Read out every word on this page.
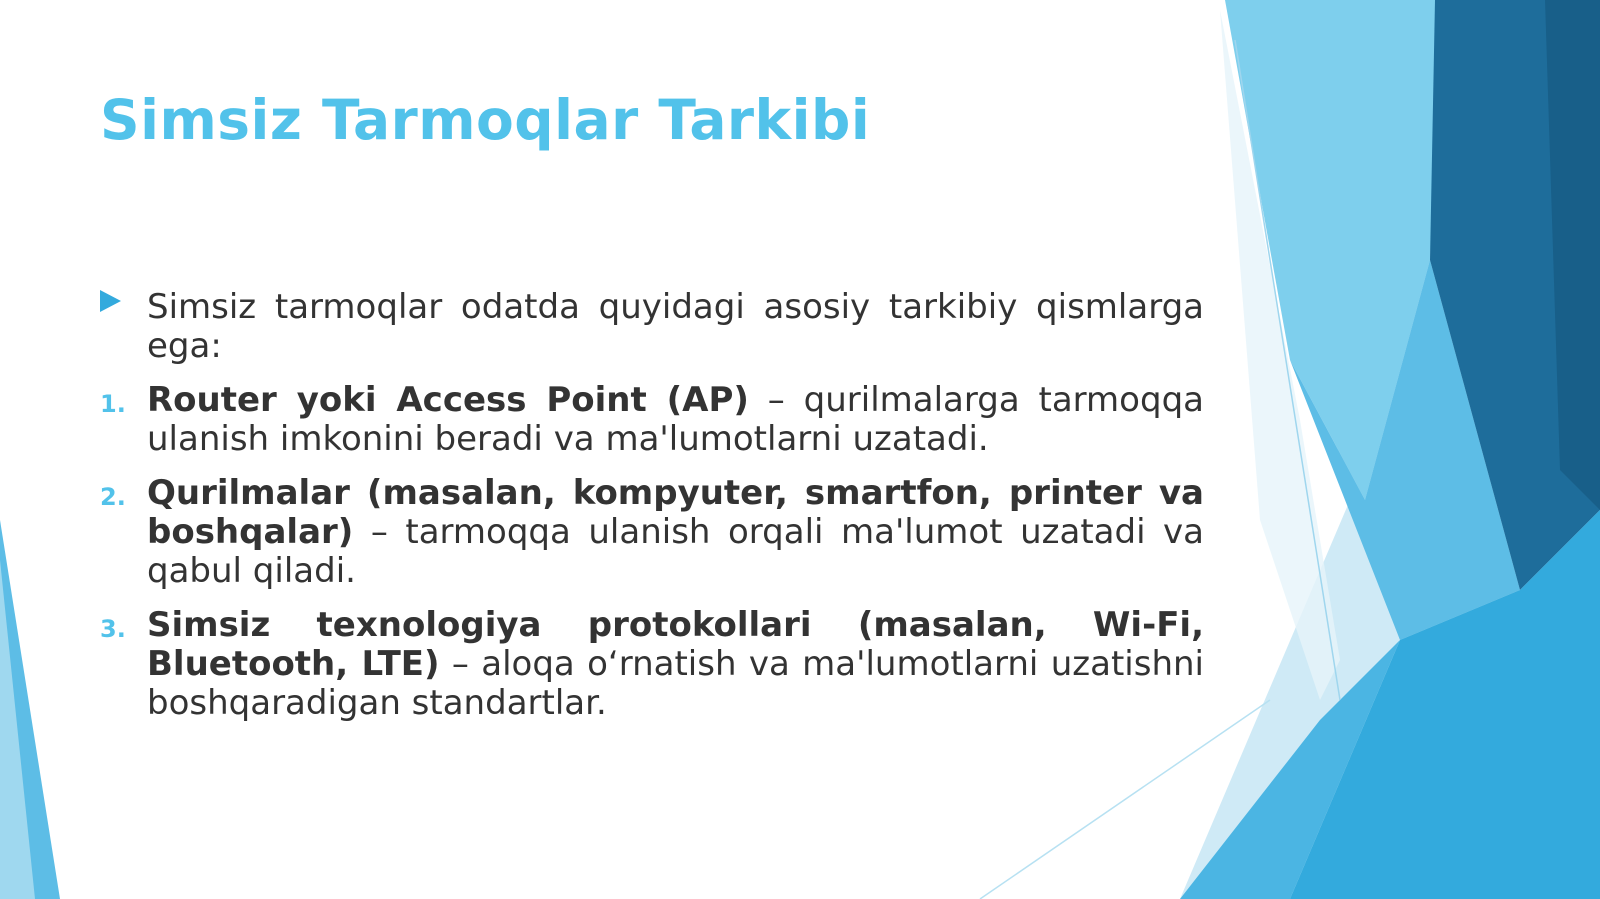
Simsiz Tarmoqlar Tarkibi
Simsiz tarmoqlar odatda quyidagi asosiy tarkibiy qismlarga ega:
1. Router yoki Access Point (AP) – qurilmalarga tarmoqqa ulanish imkonini beradi va ma'lumotlarni uzatadi.
2. Qurilmalar (masalan, kompyuter, smartfon, printer va boshqalar) – tarmoqqa ulanish orqali ma'lumot uzatadi va qabul qiladi.
3. Simsiz texnologiya protokollari (masalan, Wi-Fi, Bluetooth, LTE) – aloqa o‘rnatish va ma'lumotlarni uzatishni boshqaradigan standartlar.
